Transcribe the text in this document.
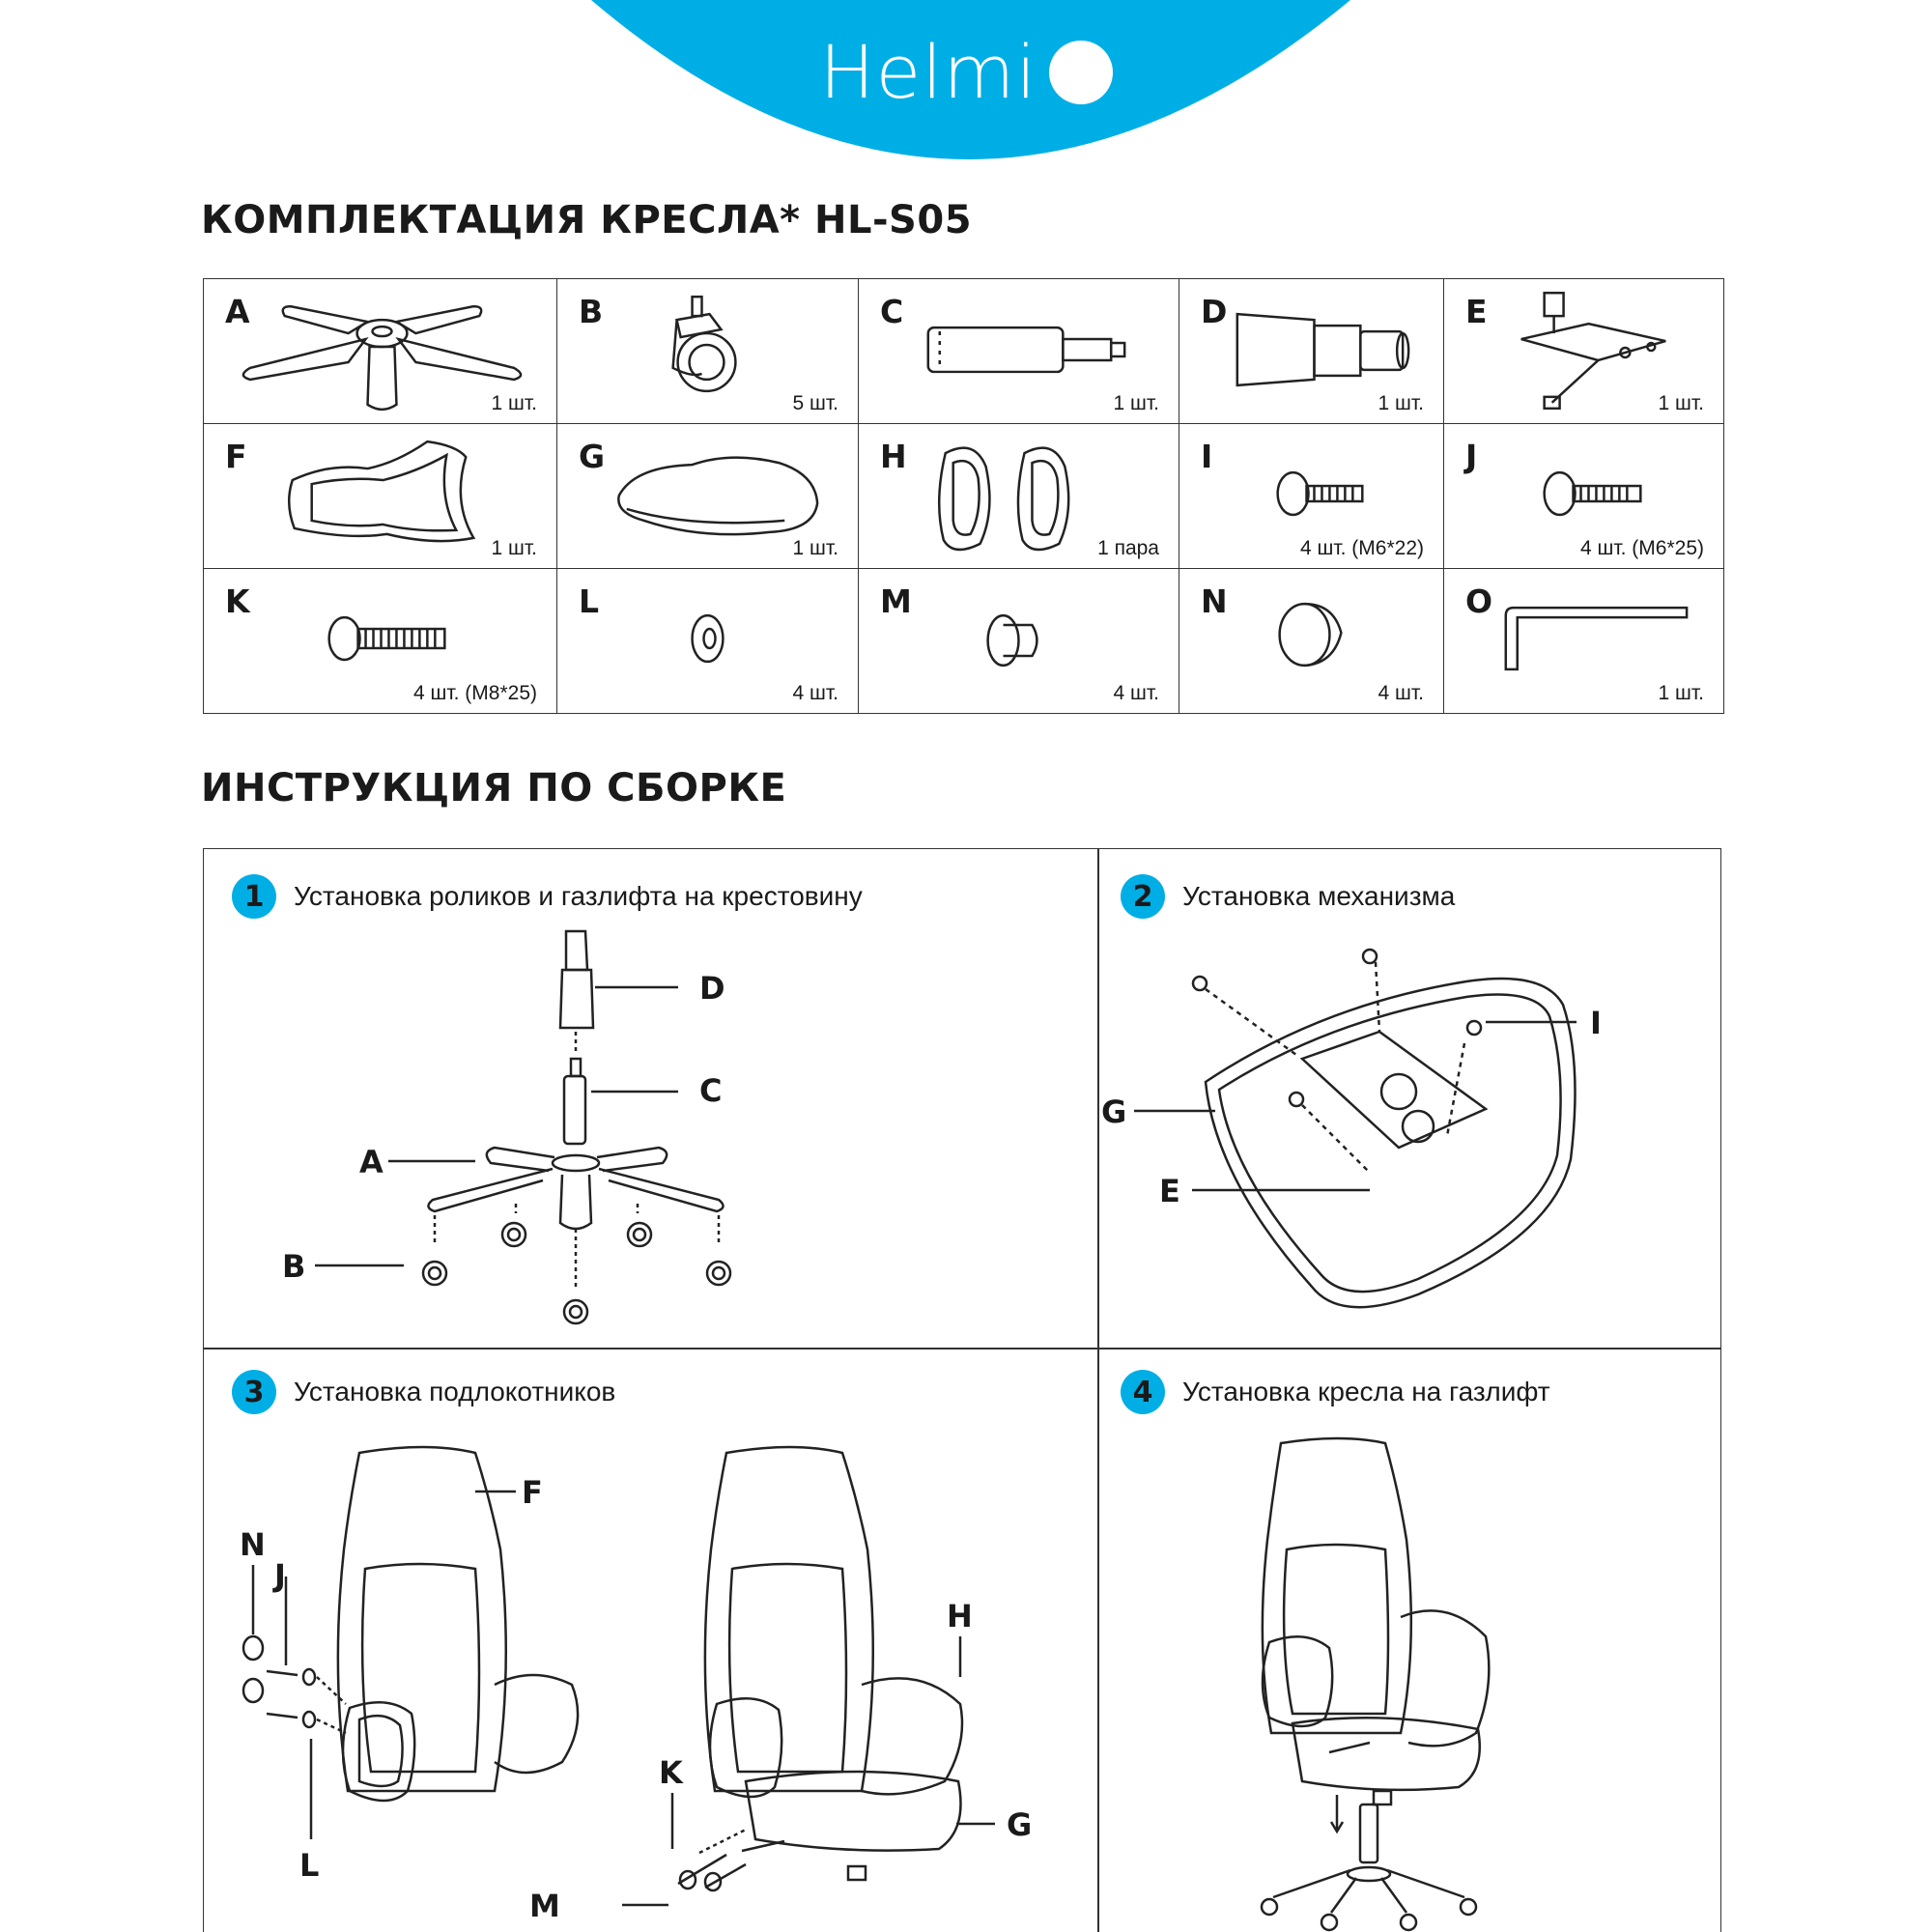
Helmi
КОМПЛЕКТАЦИЯ КРЕСЛА* HL-S05
A
1 шт.	B
5 шт.	C
1 шт.	D
1 шт.	E
1 шт.

F
1 шт.	G
1 шт.	H
1 пара	I
4 шт. (M6*22)	J
4 шт. (M6*25)

K
4 шт. (M8*25)	L
4 шт.	M
4 шт.	N
4 шт.	O
1 шт.
ИНСТРУКЦИЯ ПО СБОРКЕ
1	Установка роликов и газлифта на крестовину
D
C
A
B
2	Установка механизма
I
G
E
3	Установка подлокотников
F
N
J
L
H
K
G
M
4	Установка кресла на газлифт
